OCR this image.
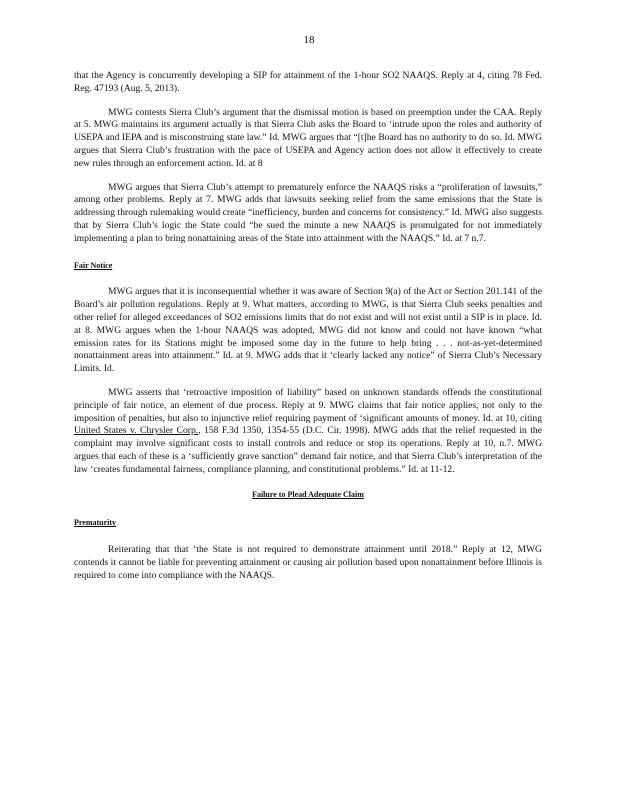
18

that the Agency is concurrently developing a SIP for attainment of the 1-hour SO2 NAAQS. Reply at 4, citing 78 Fed. Reg. 47193 (Aug. 5, 2013).

MWG contests Sierra Club’s argument that the dismissal motion is based on preemption under the CAA. Reply at 5. MWG maintains its argument actually is that Sierra Club asks the Board to ‘intrude upon the roles and authority of USEPA and IEPA and is misconstruing state law.” Id. MWG argues that “[t]he Board has no authority to do so. Id. MWG argues that Sierra Club’s frustration with the pace of USEPA and Agency action does not allow it effectively to create new rules through an enforcement action. Id. at 8

MWG argues that Sierra Club’s attempt to prematurely enforce the NAAQS risks a “proliferation of lawsuits,” among other problems. Reply at 7. MWG adds that lawsuits seeking relief from the same emissions that the State is addressing through rulemaking would create “inefficiency, burden and concerns for consistency.” Id. MWG also suggests that by Sierra Club’s logic the State could “be sued the minute a new NAAQS is promulgated for not immediately implementing a plan to bring nonattaining areas of the State into attainment with the NAAQS.” Id. at 7 n.7.

Fair Notice

MWG argues that it is inconsequential whether it was aware of Section 9(a) of the Act or Section 201.141 of the Board’s air pollution regulations. Reply at 9. What matters, according to MWG, is that Sierra Club seeks penalties and other relief for alleged exceedances of SO2 emissions limits that do not exist and will not exist until a SIP is in place. Id. at 8. MWG argues when the 1-hour NAAQS was adopted, MWG did not know and could not have known “what emission rates for its Stations might be imposed some day in the future to help bring . . . not-as-yet-determined nonattainment areas into attainment.” Id. at 9. MWG adds that it ‘clearly lacked any notice” of Sierra Club’s Necessary Limits. Id.

MWG asserts that ‘retroactive imposition of liability” based on unknown standards offends the constitutional principle of fair notice, an element of due process. Reply at 9. MWG claims that fair notice applies, not only to the imposition of penalties, but also to injunctive relief requiring payment of ‘significant amounts of money. Id. at 10, citing United States v. Chrysler Corp., 158 F.3d 1350, 1354-55 (D.C. Cir. 1998). MWG adds that the relief requested in the complaint may involve significant costs to install controls and reduce or stop its operations. Reply at 10, n.7. MWG argues that each of these is a ‘sufficiently grave sanction” demand fair notice, and that Sierra Club’s interpretation of the law ‘creates fundamental fairness, compliance planning, and constitutional problems.” Id. at 11-12.

Failure to Plead Adequate Claim
Prematurity

Reiterating that that ‘the State is not required to demonstrate attainment until 2018.” Reply at 12, MWG contends it cannot be liable for preventing attainment or causing air pollution based upon nonattainment before Illinois is required to come into compliance with the NAAQS.
